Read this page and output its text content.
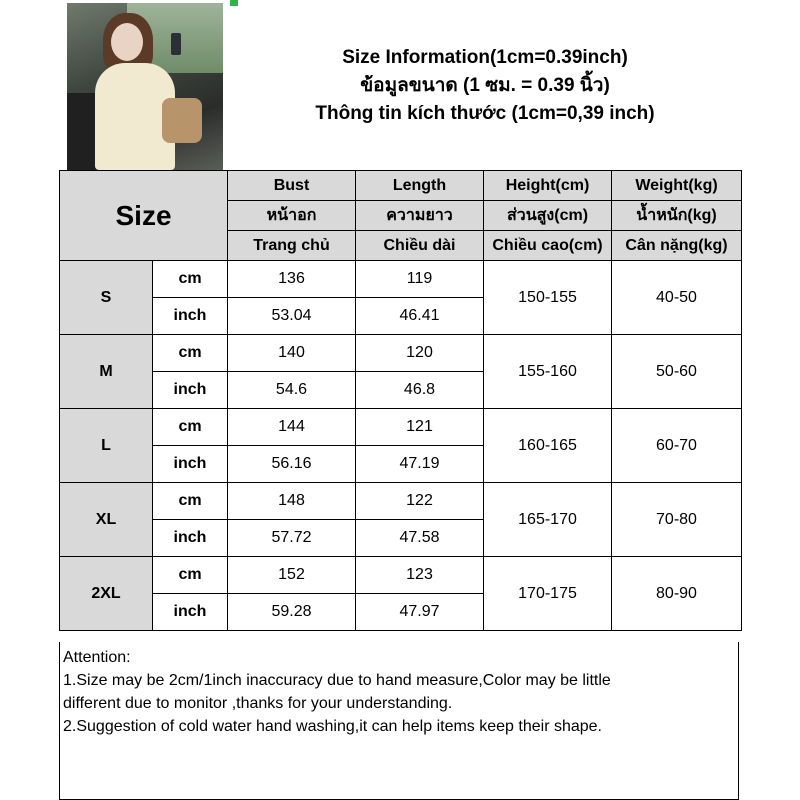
Size Information(1cm=0.39inch)
ข้อมูลขนาด (1 ซม. = 0.39 นิ้ว)
Thông tin kích thước (1cm=0,39 inch)
Size		Bust	Length	Height(cm)	Weight(kg)
		หน้าอก	ความยาว	ส่วนสูง(cm)	น้ำหนัก(kg)
		Trang chủ	Chiều dài	Chiều cao(cm)	Cân nặng(kg)
S	cm	136	119	150-155	40-50
	inch	53.04	46.41		
M	cm	140	120	155-160	50-60
	inch	54.6	46.8		
L	cm	144	121	160-165	60-70
	inch	56.16	47.19		
XL	cm	148	122	165-170	70-80
	inch	57.72	47.58		
2XL	cm	152	123	170-175	80-90
	inch	59.28	47.97		
Attention:
1.Size may be 2cm/1inch inaccuracy due to hand measure,Color may be little
different due to monitor ,thanks for your understanding.
2.Suggestion of cold water hand washing,it can help items keep their shape.
